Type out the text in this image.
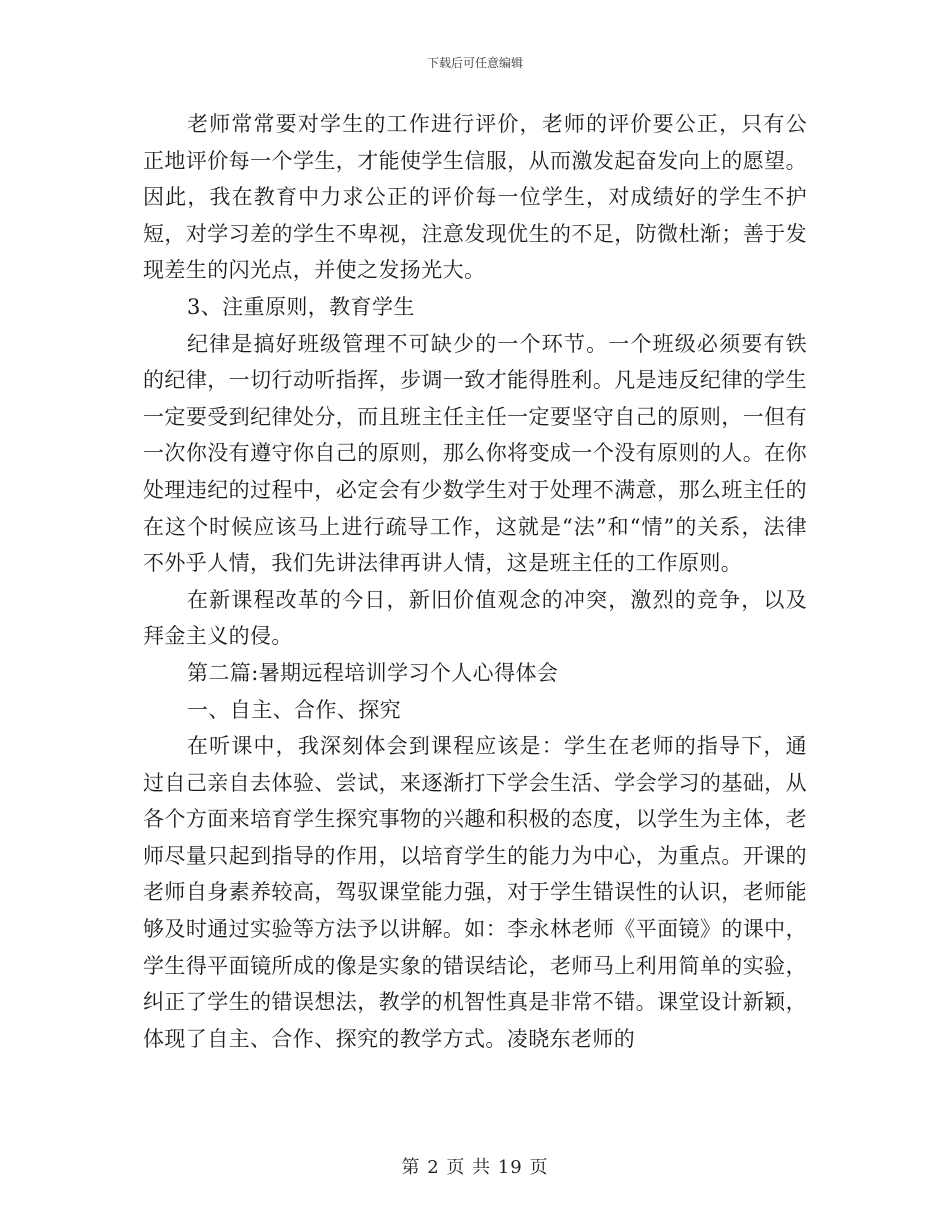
下载后可任意编辑

老师常常要对学生的工作进行评价，老师的评价要公正，只有公正地评价每一个学生，才能使学生信服，从而激发起奋发向上的愿望。因此，我在教育中力求公正的评价每一位学生，对成绩好的学生不护短，对学习差的学生不卑视，注意发现优生的不足，防微杜渐；善于发现差生的闪光点，并使之发扬光大。

3、注重原则，教育学生

纪律是搞好班级管理不可缺少的一个环节。一个班级必须要有铁的纪律，一切行动听指挥，步调一致才能得胜利。凡是违反纪律的学生一定要受到纪律处分，而且班主任主任一定要坚守自己的原则，一但有一次你没有遵守你自己的原则，那么你将变成一个没有原则的人。在你处理违纪的过程中，必定会有少数学生对于处理不满意，那么班主任的在这个时候应该马上进行疏导工作，这就是“法”和“情”的关系，法律不外乎人情，我们先讲法律再讲人情，这是班主任的工作原则。

在新课程改革的今日，新旧价值观念的冲突，激烈的竞争，以及拜金主义的侵。

第二篇:暑期远程培训学习个人心得体会

一、自主、合作、探究

在听课中，我深刻体会到课程应该是：学生在老师的指导下，通过自己亲自去体验、尝试，来逐渐打下学会生活、学会学习的基础，从各个方面来培育学生探究事物的兴趣和积极的态度，以学生为主体，老师尽量只起到指导的作用，以培育学生的能力为中心，为重点。开课的老师自身素养较高，驾驭课堂能力强，对于学生错误性的认识，老师能够及时通过实验等方法予以讲解。如：李永林老师《平面镜》的课中，学生得平面镜所成的像是实象的错误结论，老师马上利用简单的实验，纠正了学生的错误想法，教学的机智性真是非常不错。课堂设计新颖，体现了自主、合作、探究的教学方式。凌晓东老师的

第 2 页 共 19 页
